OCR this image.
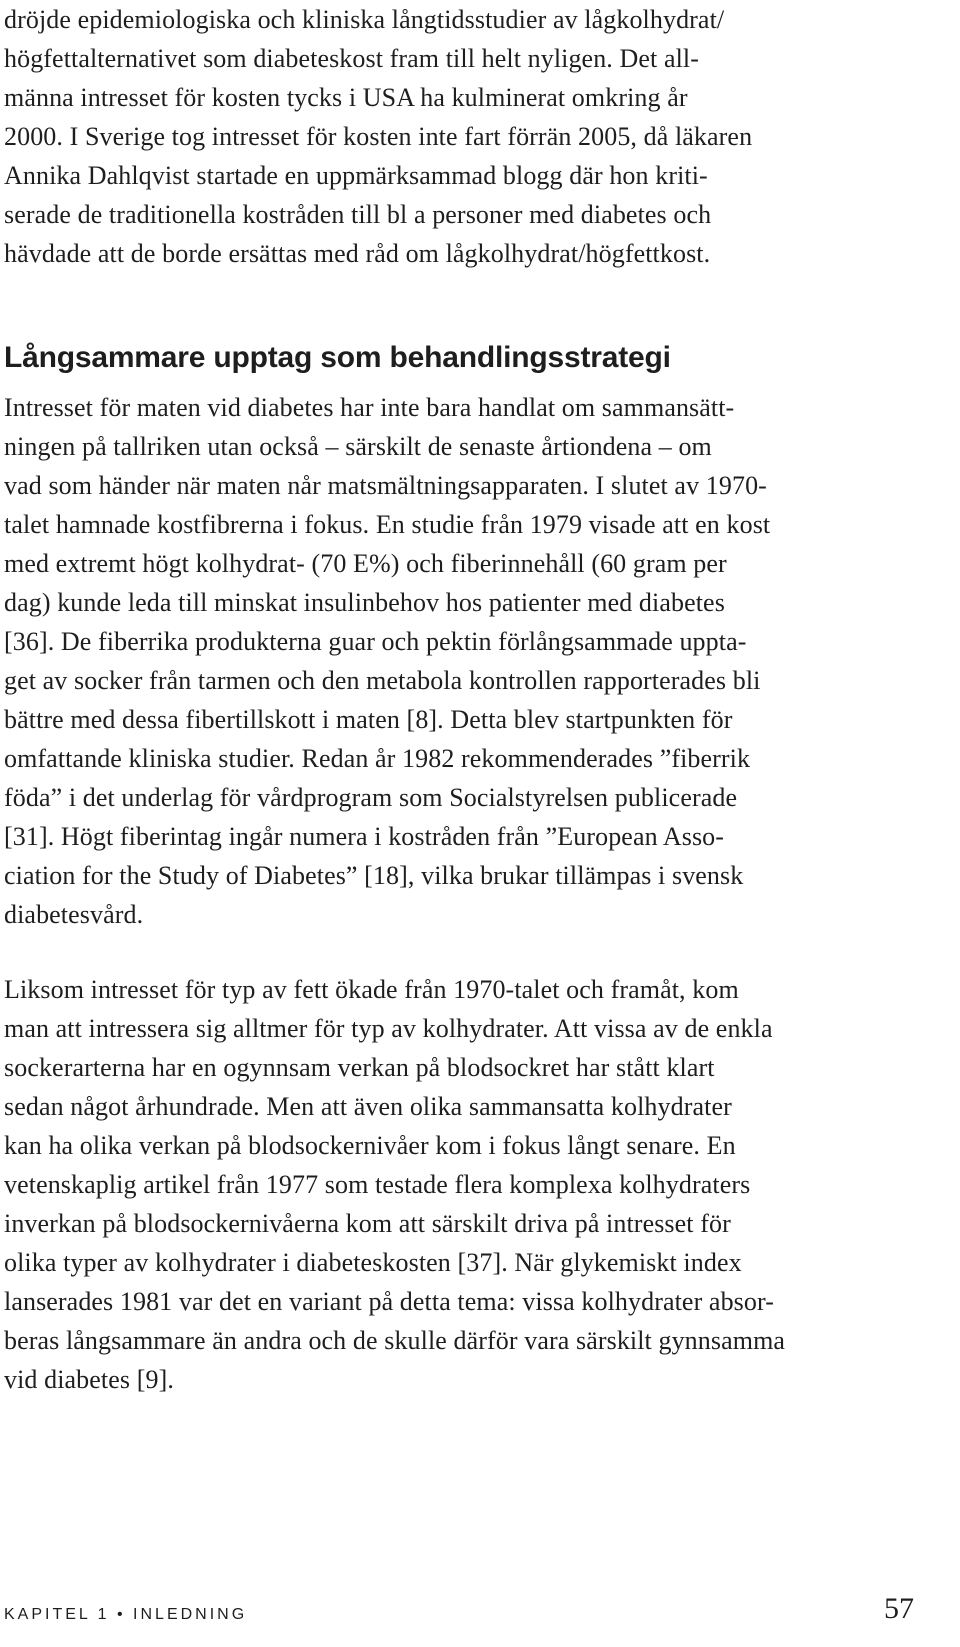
dröjde epidemiologiska och kliniska långtidsstudier av lågkolhydrat/
högfettalternativet som diabeteskost fram till helt nyligen. Det all-
männa intresset för kosten tycks i USA ha kulminerat omkring år
2000. I Sverige tog intresset för kosten inte fart förrän 2005, då läkaren
Annika Dahlqvist startade en uppmärksammad blogg där hon kriti-
serade de traditionella kostråden till bl a personer med diabetes och
hävdade att de borde ersättas med råd om lågkolhydrat/högfettkost.

Långsammare upptag som behandlingsstrategi

Intresset för maten vid diabetes har inte bara handlat om sammansätt-
ningen på tallriken utan också – särskilt de senaste årtiondena – om
vad som händer när maten når matsmältningsapparaten. I slutet av 1970-
talet hamnade kostfibrerna i fokus. En studie från 1979 visade att en kost
med extremt högt kolhydrat- (70 E%) och fiberinnehåll (60 gram per
dag) kunde leda till minskat insulinbehov hos patienter med diabetes
[36]. De fiberrika produkterna guar och pektin förlångsammade uppta-
get av socker från tarmen och den metabola kontrollen rapporterades bli
bättre med dessa fibertillskott i maten [8]. Detta blev startpunkten för
omfattande kliniska studier. Redan år 1982 rekommenderades ”fiberrik
föda” i det underlag för vårdprogram som Socialstyrelsen publicerade
[31]. Högt fiberintag ingår numera i kostråden från ”European Asso-
ciation for the Study of Diabetes” [18], vilka brukar tillämpas i svensk
diabetesvård.

Liksom intresset för typ av fett ökade från 1970-talet och framåt, kom
man att intressera sig alltmer för typ av kolhydrater. Att vissa av de enkla
sockerarterna har en ogynnsam verkan på blodsockret har stått klart
sedan något århundrade. Men att även olika sammansatta kolhydrater
kan ha olika verkan på blodsockernivåer kom i fokus långt senare. En
vetenskaplig artikel från 1977 som testade flera komplexa kolhydraters
inverkan på blodsockernivåerna kom att särskilt driva på intresset för
olika typer av kolhydrater i diabeteskosten [37]. När glykemiskt index
lanserades 1981 var det en variant på detta tema: vissa kolhydrater absor-
beras långsammare än andra och de skulle därför vara särskilt gynnsamma
vid diabetes [9].

KAPITEL 1 • INLEDNING	57
